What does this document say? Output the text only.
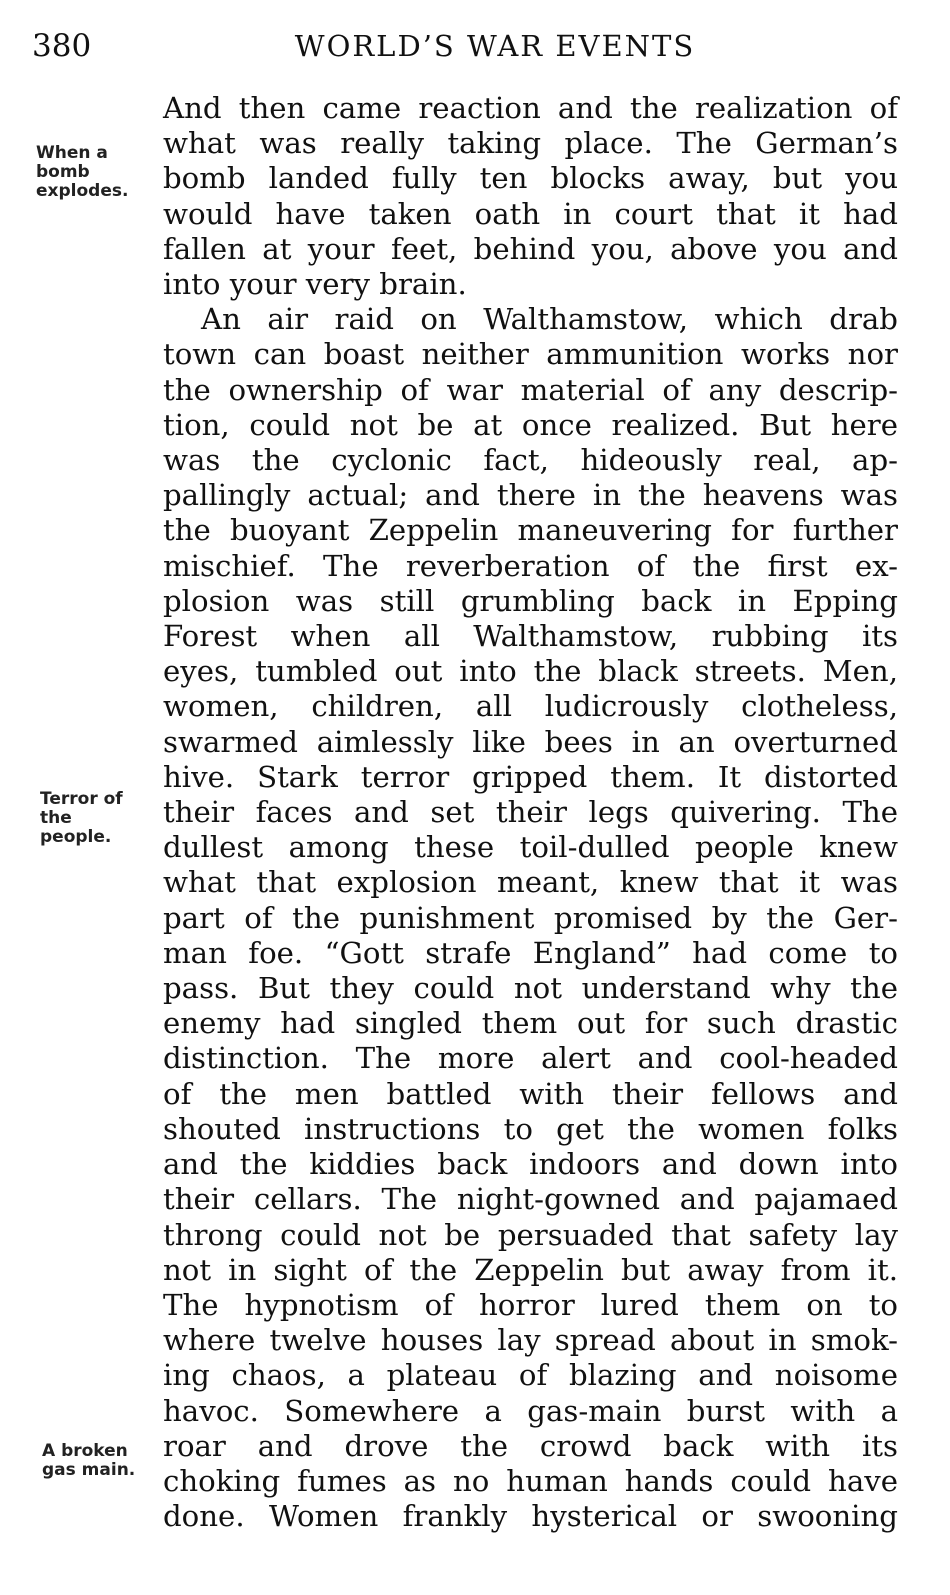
380	WORLD’S WAR EVENTS
When a
bomb
explodes.
Terror of
the
people.
A broken
gas main.
And then came reaction and the realization of
what was really taking place. The German’s
bomb landed fully ten blocks away, but you
would have taken oath in court that it had
fallen at your feet, behind you, above you and
into your very brain.
An air raid on Walthamstow, which drab
town can boast neither ammunition works nor
the ownership of war material of any descrip-
tion, could not be at once realized. But here
was the cyclonic fact, hideously real, ap-
pallingly actual; and there in the heavens was
the buoyant Zeppelin maneuvering for further
mischief. The reverberation of the first ex-
plosion was still grumbling back in Epping
Forest when all Walthamstow, rubbing its
eyes, tumbled out into the black streets. Men,
women, children, all ludicrously clotheless,
swarmed aimlessly like bees in an overturned
hive. Stark terror gripped them. It distorted
their faces and set their legs quivering. The
dullest among these toil-dulled people knew
what that explosion meant, knew that it was
part of the punishment promised by the Ger-
man foe. “Gott strafe England” had come to
pass. But they could not understand why the
enemy had singled them out for such drastic
distinction. The more alert and cool-headed
of the men battled with their fellows and
shouted instructions to get the women folks
and the kiddies back indoors and down into
their cellars. The night-gowned and pajamaed
throng could not be persuaded that safety lay
not in sight of the Zeppelin but away from it.
The hypnotism of horror lured them on to
where twelve houses lay spread about in smok-
ing chaos, a plateau of blazing and noisome
havoc. Somewhere a gas-main burst with a
roar and drove the crowd back with its
choking fumes as no human hands could have
done. Women frankly hysterical or swooning
